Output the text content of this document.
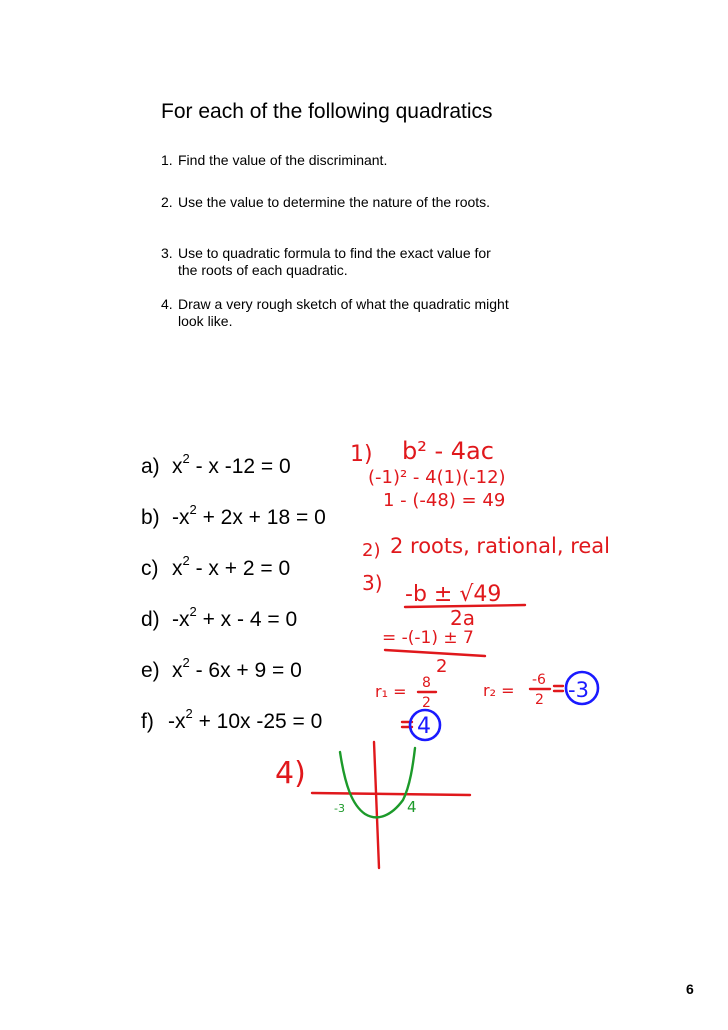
For each of the following quadratics
1. Find the value of the discriminant.
2. Use the value to determine the nature of the roots.
3. Use to quadratic formula to find the exact value for the roots of each quadratic.
4. Draw a very rough sketch of what the quadratic might look like.
a) $x^2$ - x -12 = 0
b) $-x^2 + 2x + 18 = 0$
c) $x^2 - x + 2 = 0$
d) $-x^2 + x - 4 = 0$
e) $x^2 - 6x + 9 = 0$
f) $-x^2 + 10x$ -25 = 0
1) b² - 4ac
(-1)² - 4(1)(-12)
1 - (-48) = 49
2) 2 roots, rational, real
3) -b ± √49
2a
= -(-1) ± 7
2
r₁ = 8
2
4
r₂ =
-6
2 -3
4)
-3	4
6
